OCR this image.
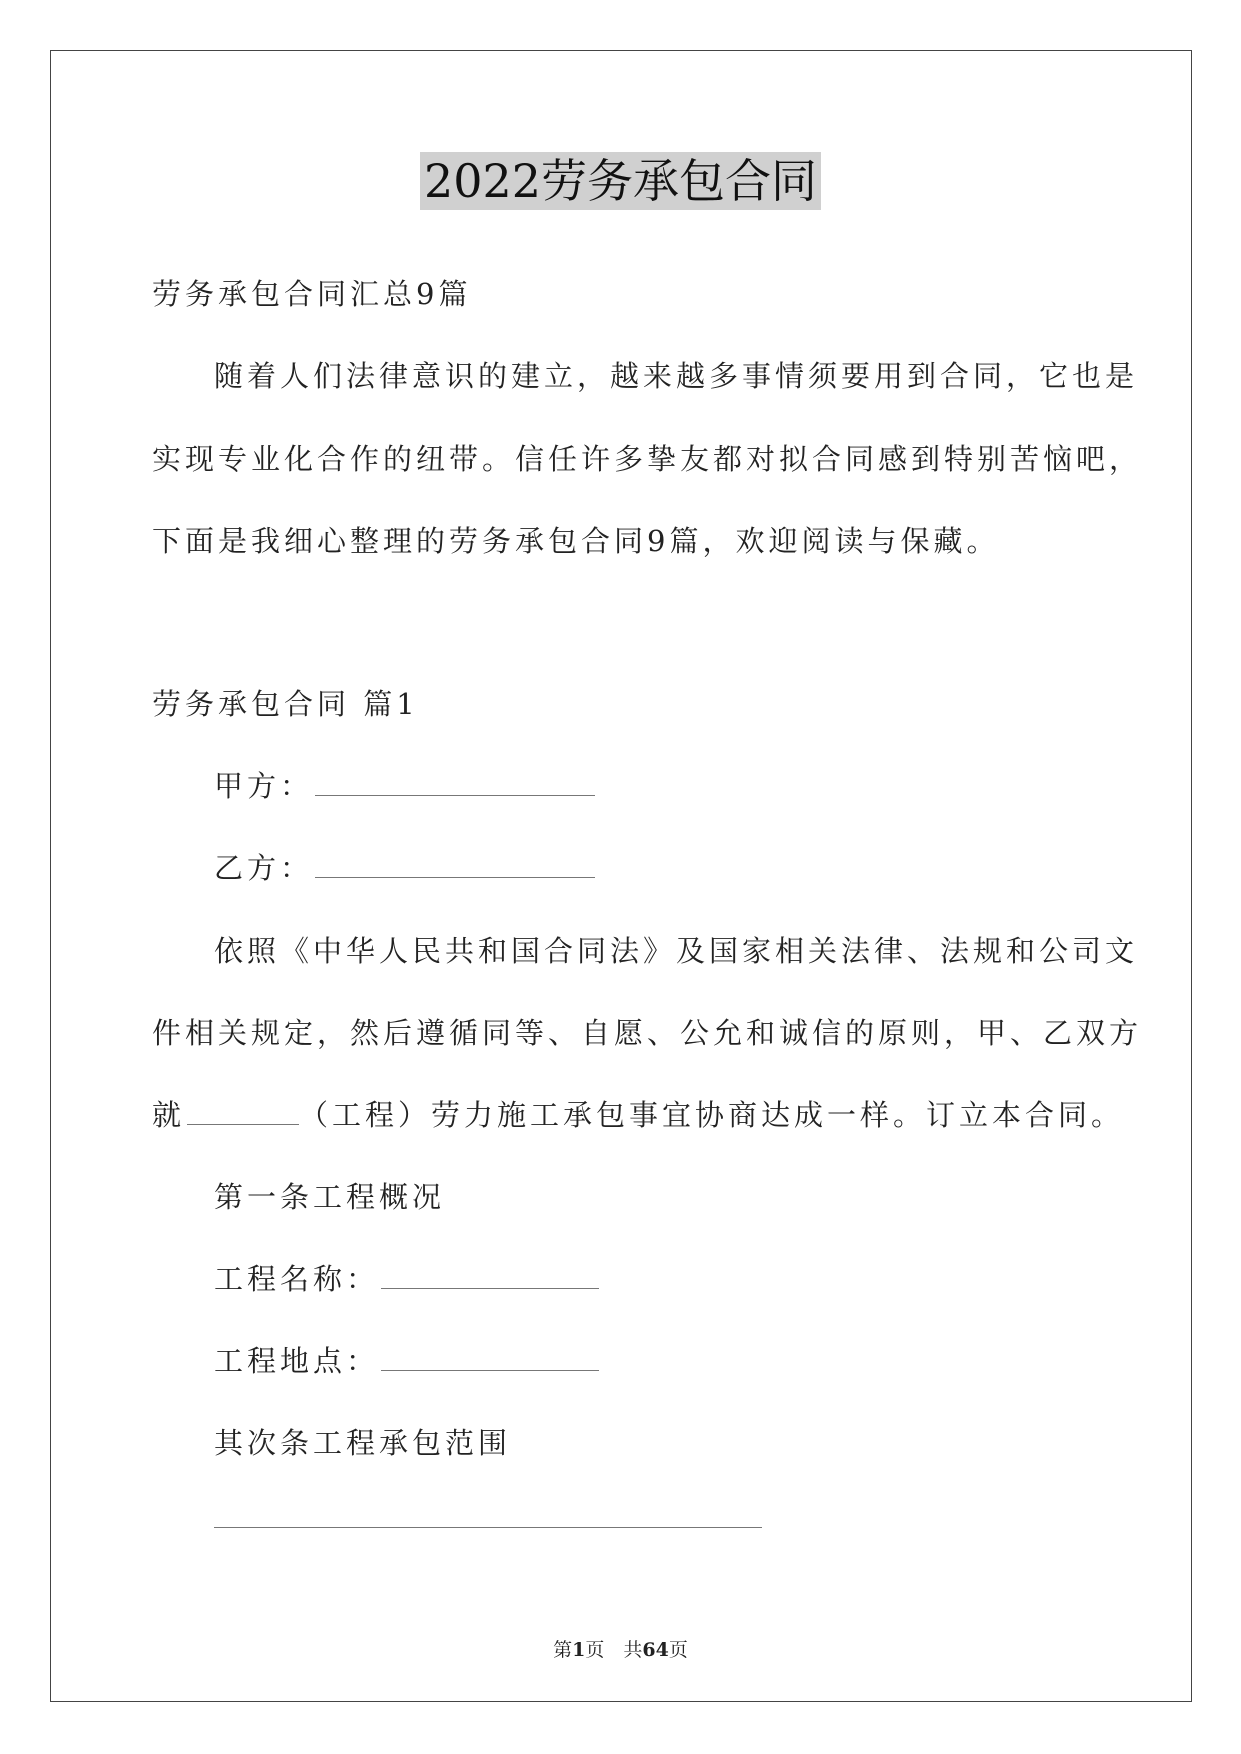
2022劳务承包合同
劳务承包合同汇总9篇
随着人们法律意识的建立，越来越多事情须要用到合同，它也是
实现专业化合作的纽带。信任许多挚友都对拟合同感到特别苦恼吧，
下面是我细心整理的劳务承包合同9篇，欢迎阅读与保藏。
劳务承包合同 篇1
甲方：
乙方：
依照《中华人民共和国合同法》及国家相关法律、法规和公司文
件相关规定，然后遵循同等、自愿、公允和诚信的原则，甲、乙双方
就	（工程）劳力施工承包事宜协商达成一样。订立本合同。
第一条工程概况
工程名称：
工程地点：
其次条工程承包范围
第1页　共64页
